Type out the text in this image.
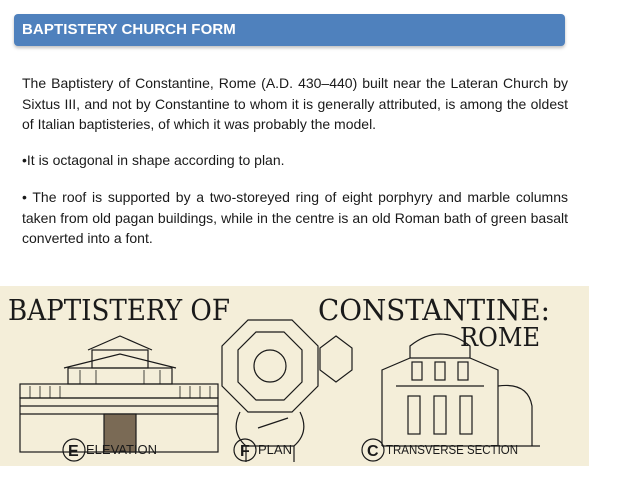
BAPTISTERY CHURCH FORM

The Baptistery of Constantine, Rome (A.D. 430–440) built near the Lateran Church by Sixtus III, and not by Constantine to whom it is generally attributed, is among the oldest of Italian baptisteries, of which it was probably the model.

•It is octagonal in shape according to plan.

• The roof is supported by a two-storeyed ring of eight porphyry and marble columns taken from old pagan buildings, while in the centre is an old Roman bath of green basalt converted into a font.

BAPTISTERY OF	CONSTANTINE:
ROME
E ELEVATION	F PLAN	C TRANSVERSE SECTION
